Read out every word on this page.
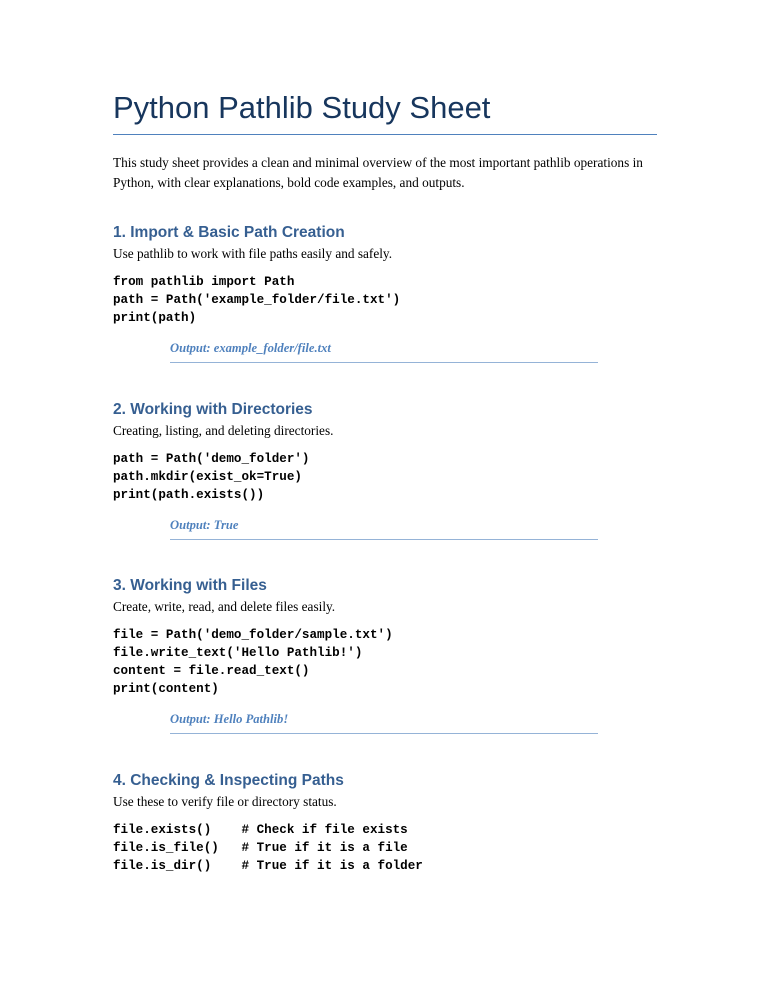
Python Pathlib Study Sheet
This study sheet provides a clean and minimal overview of the most important pathlib operations in Python, with clear explanations, bold code examples, and outputs.
1. Import & Basic Path Creation
Use pathlib to work with file paths easily and safely.
from pathlib import Path
path = Path('example_folder/file.txt')
print(path)
Output: example_folder/file.txt
2. Working with Directories
Creating, listing, and deleting directories.
path = Path('demo_folder')
path.mkdir(exist_ok=True)
print(path.exists())
Output: True
3. Working with Files
Create, write, read, and delete files easily.
file = Path('demo_folder/sample.txt')
file.write_text('Hello Pathlib!')
content = file.read_text()
print(content)
Output: Hello Pathlib!
4. Checking & Inspecting Paths
Use these to verify file or directory status.
file.exists()    # Check if file exists
file.is_file()   # True if it is a file
file.is_dir()    # True if it is a folder
